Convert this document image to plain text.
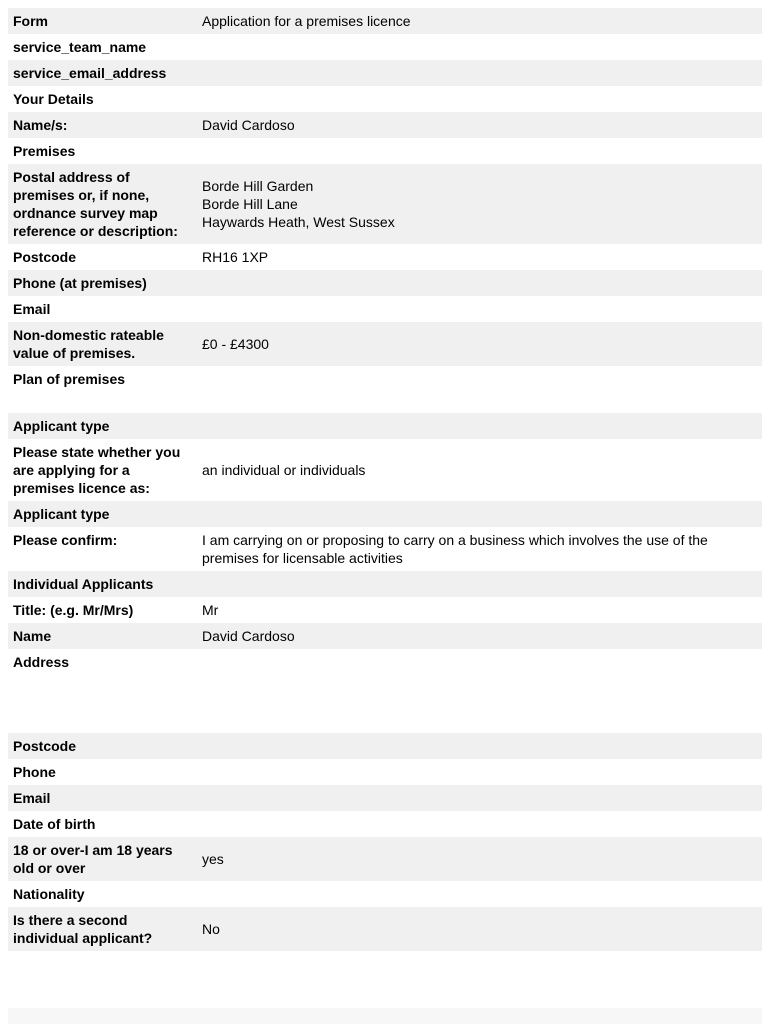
Form	Application for a premises licence

service_team_name	
service_email_address	
Your Details	
Name/s:	David Cardoso

Premises	
Postal address of premises or, if none, ordnance survey map reference or description:	Borde Hill Garden
Borde Hill Lane
Haywards Heath, West Sussex

Postcode	RH16 1XP

Phone (at premises)	
Email	
Non-domestic rateable value of premises.	£0 - £4300

Plan of premises	
Applicant type	
Please state whether you are applying for a premises licence as:	an individual or individuals

Applicant type	
Please confirm:	I am carrying on or proposing to carry on a business which involves the use of the premises for licensable activities

Individual Applicants	
Title: (e.g. Mr/Mrs)	Mr

Name	David Cardoso

Address	
Postcode	
Phone	
Email	
Date of birth	
18 or over-I am 18 years old or over	yes

Nationality	
Is there a second individual applicant?	No
